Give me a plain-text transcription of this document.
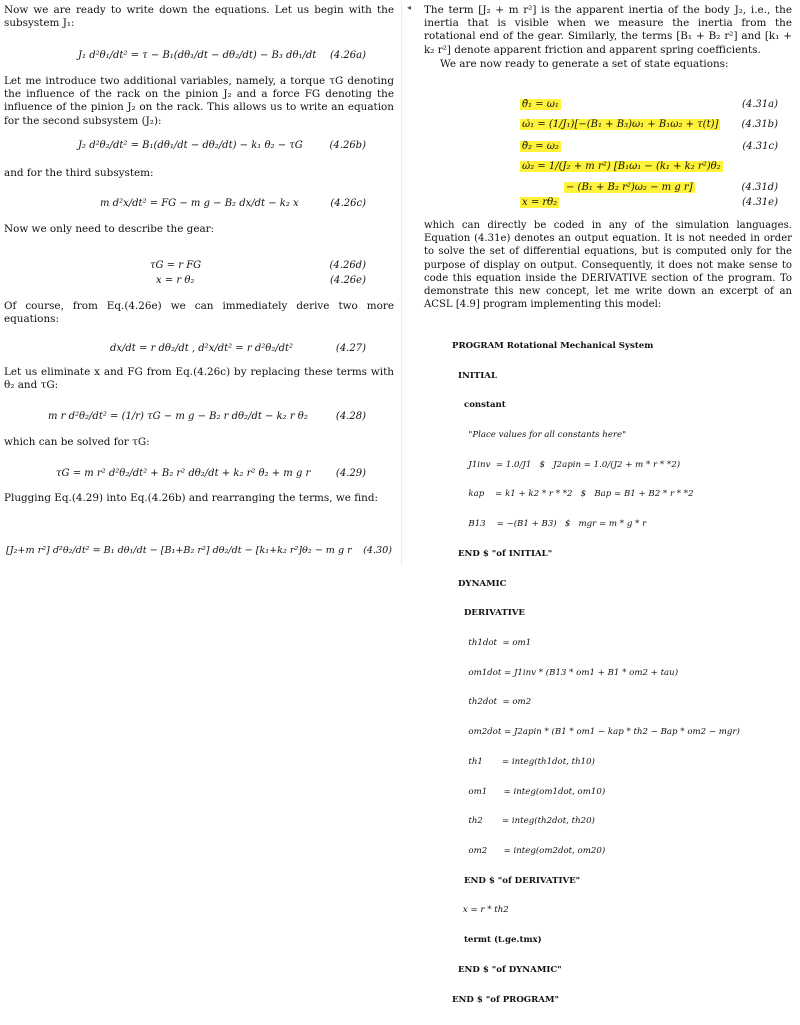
Now we are ready to write down the equations. Let us begin with the subsystem J₁:

J₁ d²θ₁/dt² = τ − B₁(dθ₁/dt − dθ₂/dt) − B₃ dθ₁/dt (4.26a)

Let me introduce two additional variables, namely, a torque τG denoting the influence of the rack on the pinion J₂ and a force FG denoting the influence of the pinion J₂ on the rack. This allows us to write an equation for the second subsystem (J₂):

J₂ d²θ₂/dt² = B₁(dθ₁/dt − dθ₂/dt) − k₁ θ₂ − τG	(4.26b)

and for the third subsystem:

m d²x/dt² = FG − m g − B₂ dx/dt − k₂ x	(4.26c)

Now we only need to describe the gear:

τG = r FG	(4.26d)
x = r θ₂	(4.26e)

Of course, from Eq.(4.26e) we can immediately derive two more equations:

dx/dt = r dθ₂/dt , d²x/dt² = r d²θ₂/dt²	(4.27)

Let us eliminate x and FG from Eq.(4.26c) by replacing these terms with θ₂ and τG:

m r d²θ₂/dt² = (1/r) τG − m g − B₂ r dθ₂/dt − k₂ r θ₂	(4.28)

which can be solved for τG:

τG = m r² d²θ₂/dt² + B₂ r² dθ₂/dt + k₂ r² θ₂ + m g r	(4.29)

Plugging Eq.(4.29) into Eq.(4.26b) and rearranging the terms, we find:

[J₂+m r²] d²θ₂/dt² = B₁ dθ₁/dt − [B₁+B₂ r²] dθ₂/dt − [k₁+k₂ r²]θ₂ − m g r (4.30)
◂ The term [J₂ + m r²] is the apparent inertia of the body J₂, i.e., the inertia that is visible when we measure the inertia from the rotational end of the gear. Similarly, the terms [B₁ + B₂ r²] and [k₁ + k₂ r²] denote apparent friction and apparent spring coefficients.

We are now ready to generate a set of state equations:

θ̇₁ = ω₁	(4.31a)
ω̇₁ = (1/J₁)[−(B₁ + B₃)ω₁ + B₁ω₂ + τ(t)] (4.31b)
θ̇₂ = ω₂	(4.31c)
ω̇₂ = 1/(J₂ + m r²) [B₁ω₁ − (k₁ + k₂ r²)θ₂
− (B₁ + B₂ r²)ω₂ − m g r]	(4.31d)
x = rθ₂	(4.31e)

which can directly be coded in any of the simulation languages. Equation (4.31e) denotes an output equation. It is not needed in order to solve the set of differential equations, but is computed only for the purpose of display on output. Consequently, it does not make sense to code this equation inside the DERIVATIVE section of the program. To demonstrate this new concept, let me write down an excerpt of an ACSL [4.9] program implementing this model:

PROGRAM Rotational Mechanical System

INITIAL

constant

"Place values for all constants here"

J1inv  = 1.0/J1   $   J2apin = 1.0/(J2 + m * r * *2)

kap    = k1 + k2 * r * *2   $   Bap = B1 + B2 * r * *2

B13    = −(B1 + B3)   $   mgr = m * g * r

END $ "of INITIAL"

DYNAMIC

DERIVATIVE

th1dot  = om1

om1dot = J1inv * (B13 * om1 + B1 * om2 + tau)

th2dot  = om2

om2dot = J2apin * (B1 * om1 − kap * th2 − Bap * om2 − mgr)

th1       = integ(th1dot, th10)

om1      = integ(om1dot, om10)

th2       = integ(th2dot, th20)

om2      = integ(om2dot, om20)

END $ "of DERIVATIVE"

x = r * th2

termt (t.ge.tmx)

END $ "of DYNAMIC"

END $ "of PROGRAM"
